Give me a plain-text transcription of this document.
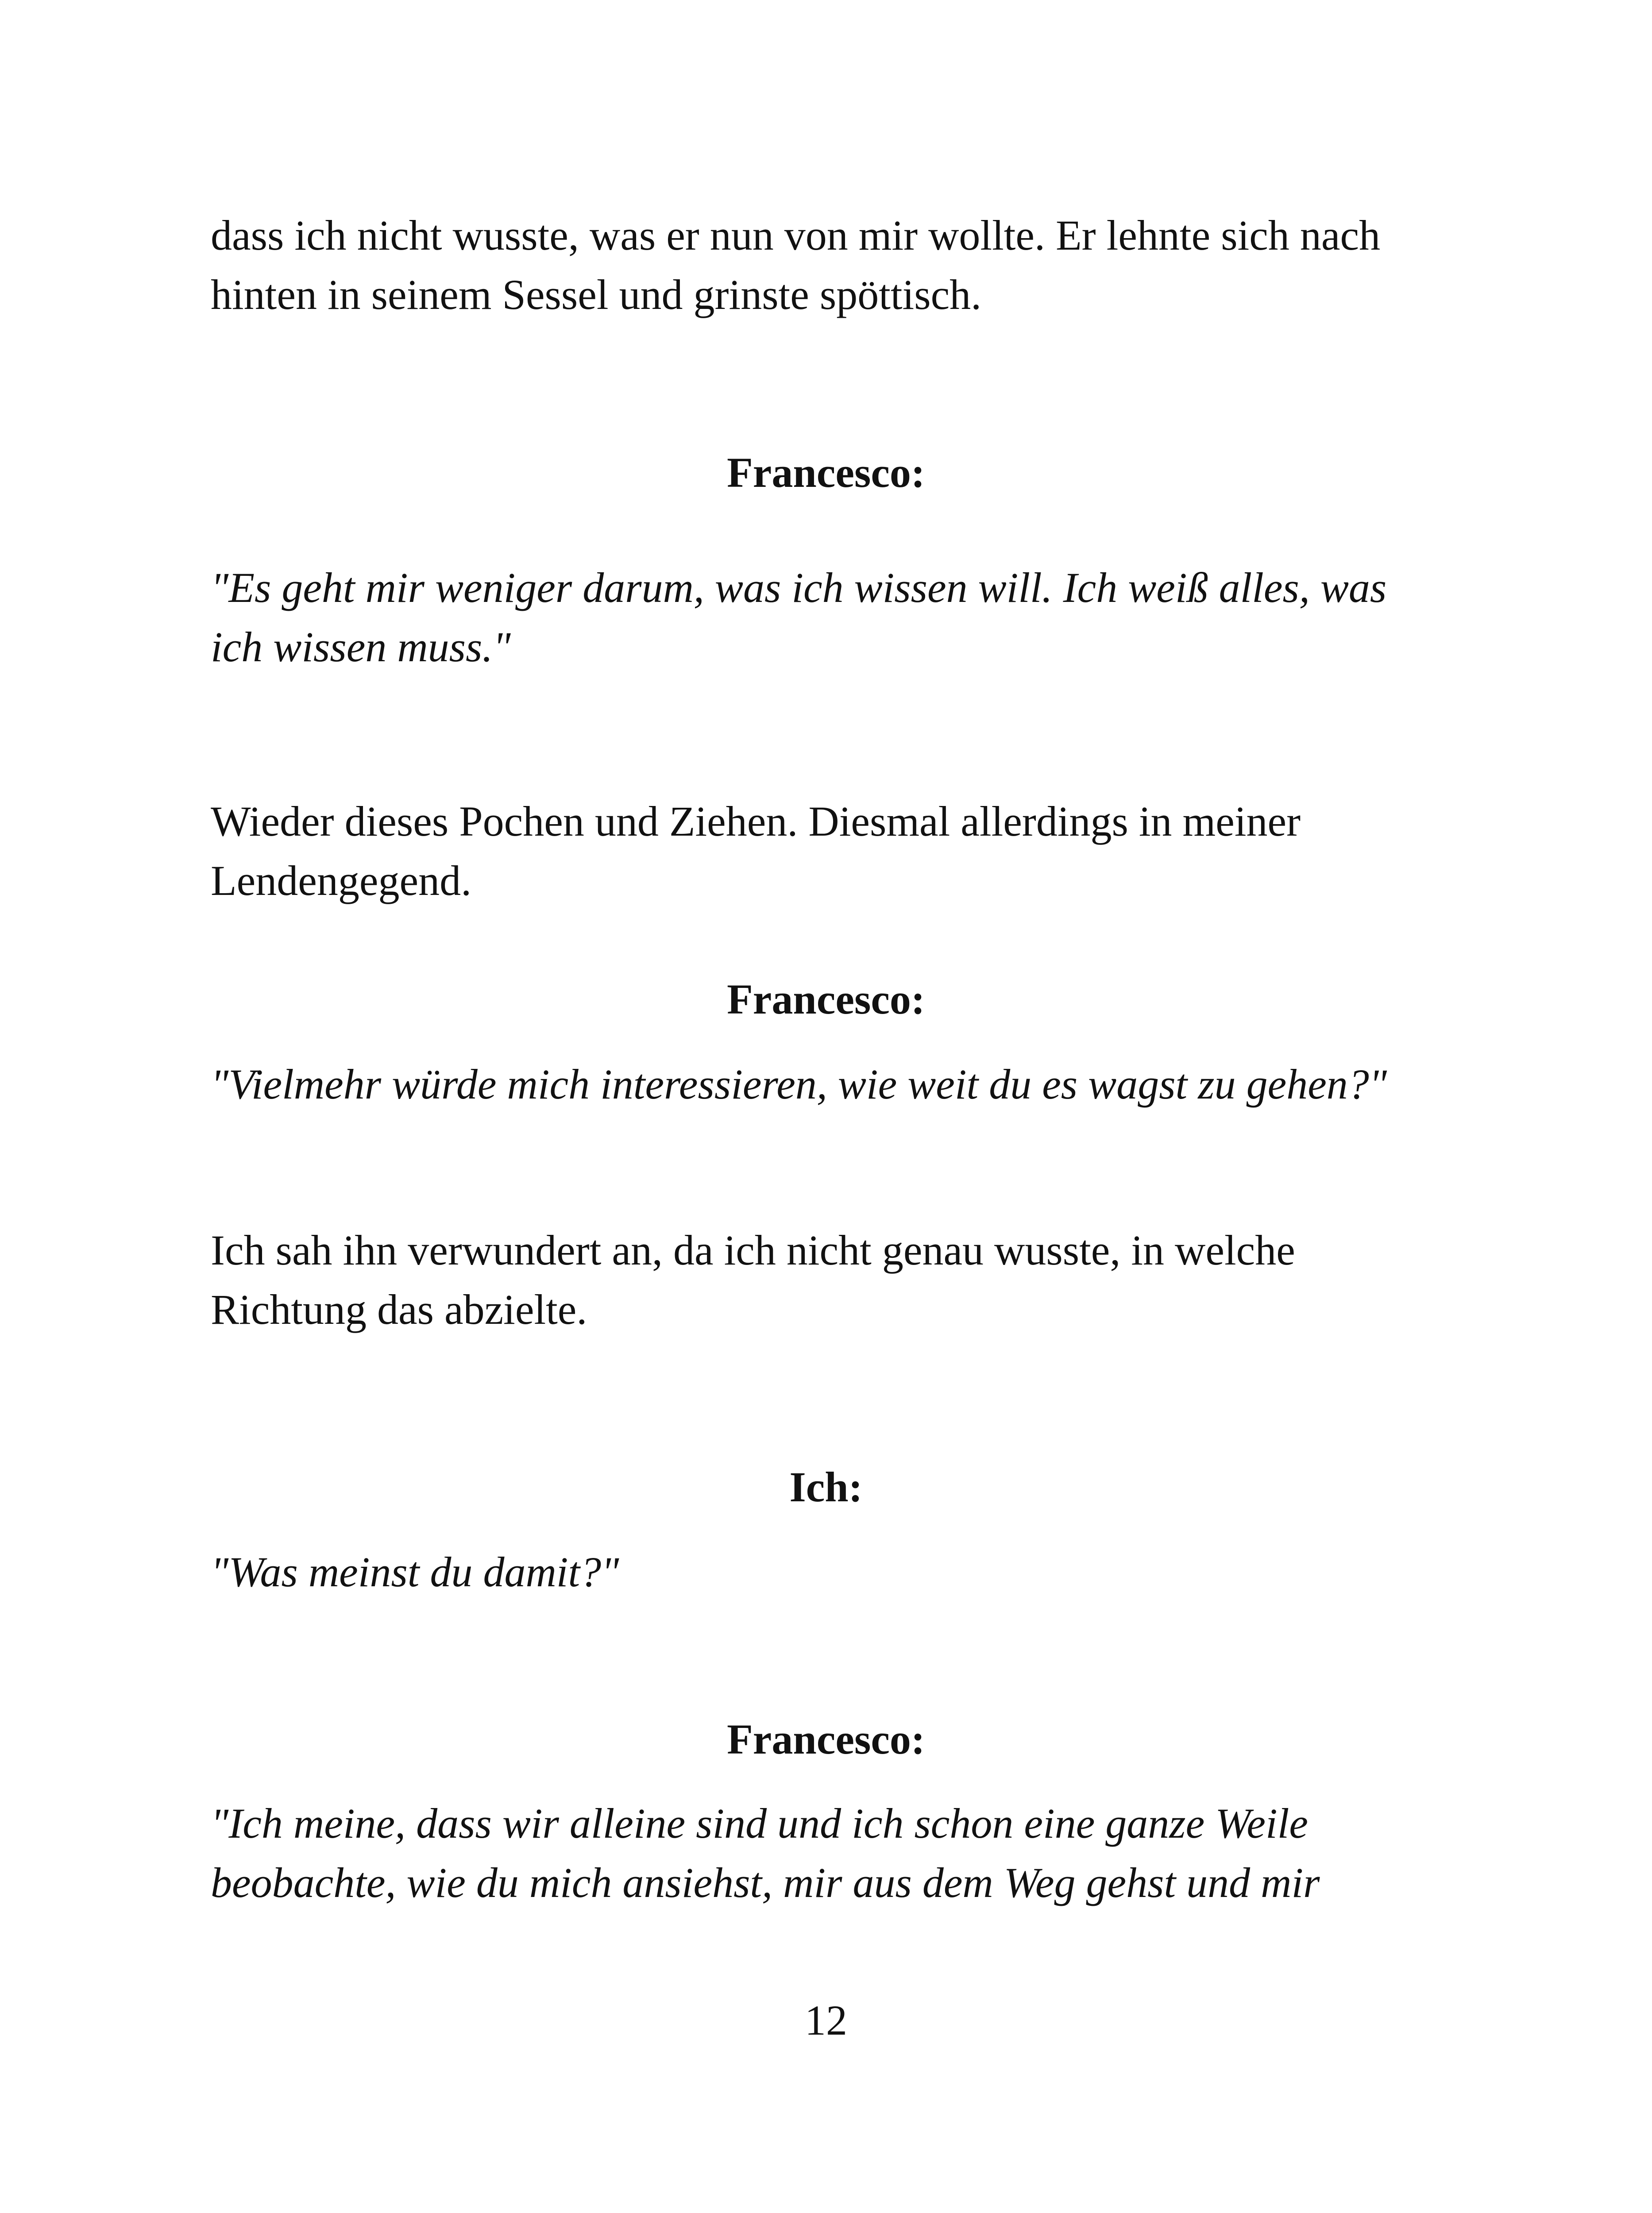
dass ich nicht wusste, was er nun von mir wollte. Er lehnte sich nach
hinten in seinem Sessel und grinste spöttisch.

Francesco:

"Es geht mir weniger darum, was ich wissen will. Ich weiß alles, was
ich wissen muss."

Wieder dieses Pochen und Ziehen. Diesmal allerdings in meiner
Lendengegend.

Francesco:

"Vielmehr würde mich interessieren, wie weit du es wagst zu gehen?"

Ich sah ihn verwundert an, da ich nicht genau wusste, in welche
Richtung das abzielte.

Ich:

"Was meinst du damit?"

Francesco:

"Ich meine, dass wir alleine sind und ich schon eine ganze Weile
beobachte, wie du mich ansiehst, mir aus dem Weg gehst und mir

12
